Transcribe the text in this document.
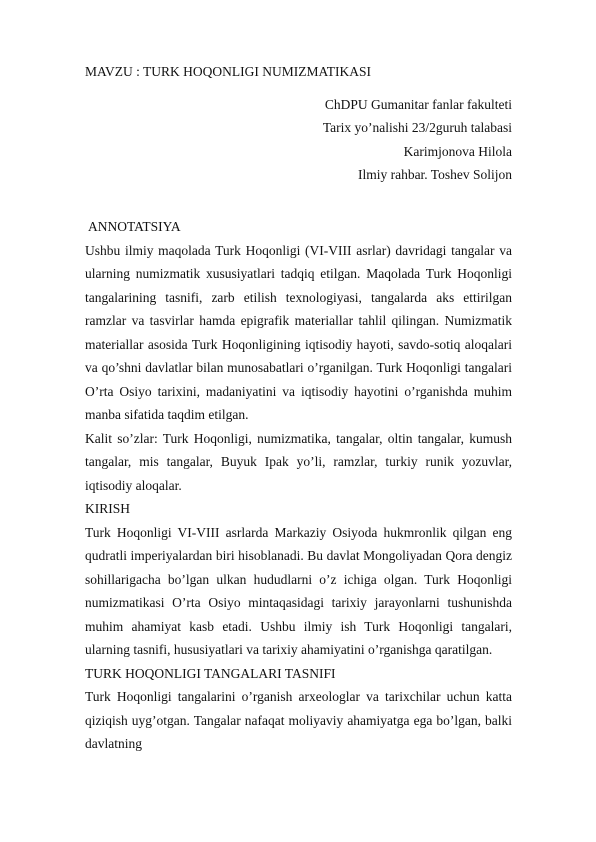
MAVZU : TURK HOQONLIGI NUMIZMATIKASI
ChDPU Gumanitar fanlar fakulteti
Tarix yo’nalishi 23/2guruh talabasi
Karimjonova Hilola
Ilmiy rahbar. Toshev Solijon

ANNOTATSIYA

Ushbu ilmiy maqolada Turk Hoqonligi (VI-VIII asrlar) davridagi tangalar va ularning numizmatik xususiyatlari tadqiq etilgan. Maqolada Turk Hoqonligi tangalarining tasnifi, zarb etilish texnologiyasi, tangalarda aks ettirilgan ramzlar va tasvirlar hamda epigrafik materiallar tahlil qilingan. Numizmatik materiallar asosida Turk Hoqonligining iqtisodiy hayoti, savdo-sotiq aloqalari va qo’shni davlatlar bilan munosabatlari o’rganilgan. Turk Hoqonligi tangalari O’rta Osiyo tarixini, madaniyatini va iqtisodiy hayotini o’rganishda muhim manba sifatida taqdim etilgan.

Kalit so’zlar: Turk Hoqonligi, numizmatika, tangalar, oltin tangalar, kumush tangalar, mis tangalar, Buyuk Ipak yo’li, ramzlar, turkiy runik yozuvlar, iqtisodiy aloqalar.

KIRISH

Turk Hoqonligi VI-VIII asrlarda Markaziy Osiyoda hukmronlik qilgan eng qudratli imperiyalardan biri hisoblanadi. Bu davlat Mongoliyadan Qora dengiz sohillarigacha bo’lgan ulkan hududlarni o’z ichiga olgan. Turk Hoqonligi numizmatikasi O’rta Osiyo mintaqasidagi tarixiy jarayonlarni tushunishda muhim ahamiyat kasb etadi. Ushbu ilmiy ish Turk Hoqonligi tangalari, ularning tasnifi, hususiyatlari va tarixiy ahamiyatini o’rganishga qaratilgan.

TURK HOQONLIGI TANGALARI TASNIFI

Turk Hoqonligi tangalarini o’rganish arxeologlar va tarixchilar uchun katta qiziqish uyg’otgan. Tangalar nafaqat moliyaviy ahamiyatga ega bo’lgan, balki davlatning
